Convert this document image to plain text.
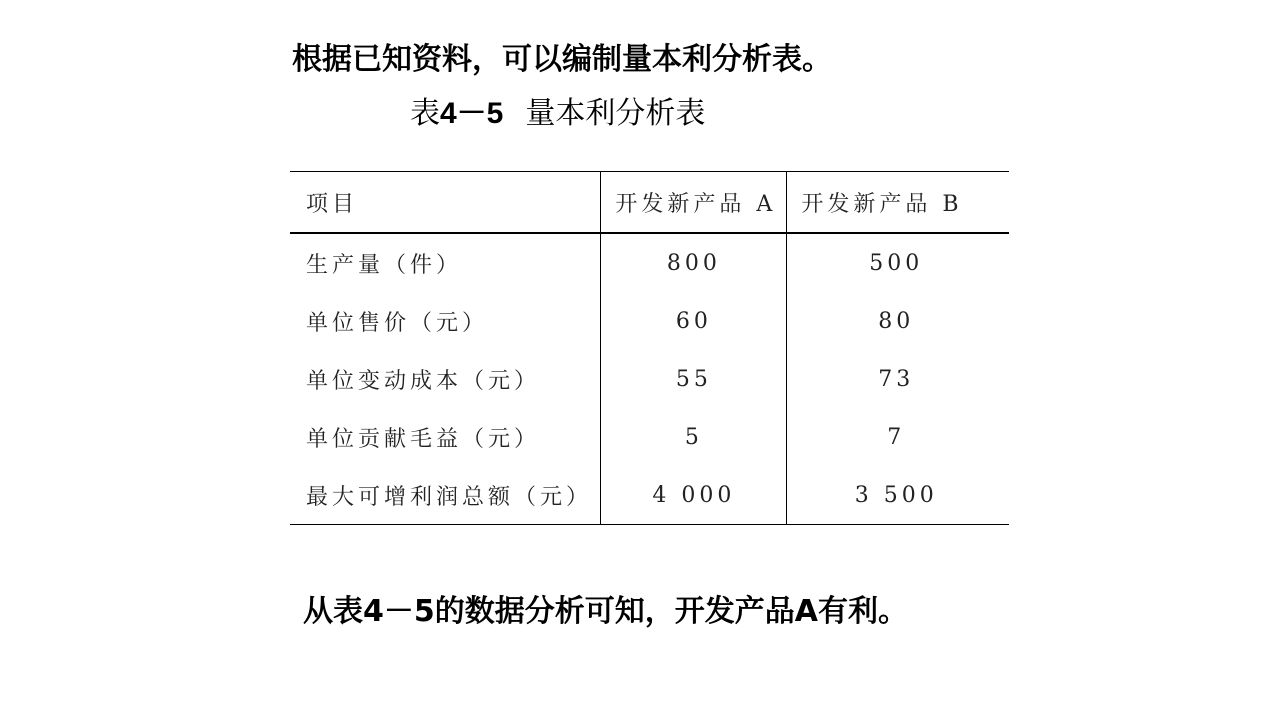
根据已知资料，可以编制量本利分析表。
表4－5 量本利分析表
项目	开发新产品 A	开发新产品 B
生产量（件）	800	500
单位售价（元）	60	80
单位变动成本（元）	55	73
单位贡献毛益（元）	5	7
最大可增利润总额（元）	4 000	3 500
从表4－5的数据分析可知，开发产品A有利。
